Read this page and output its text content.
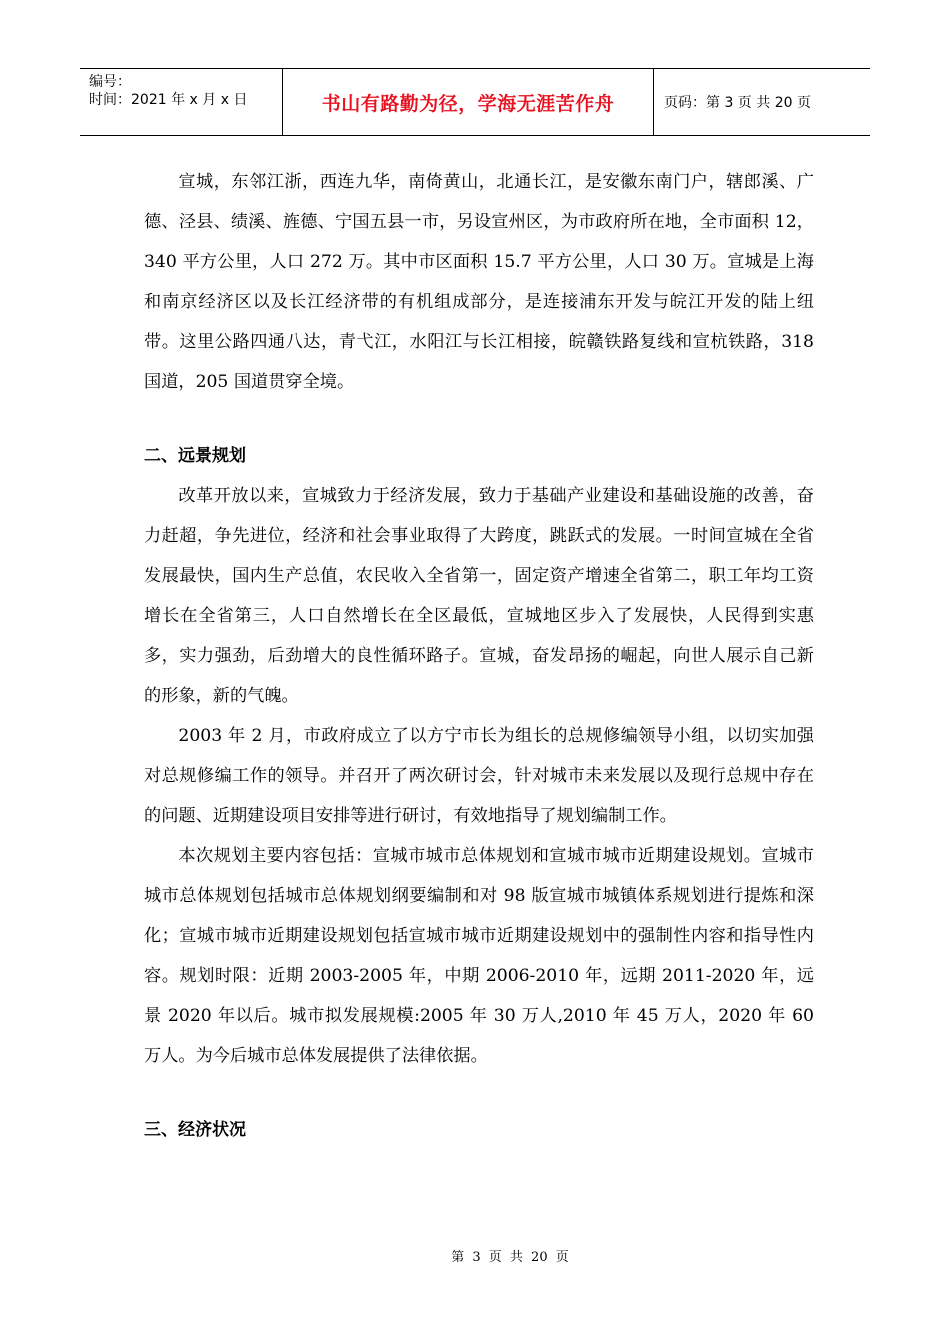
编号：
时间：2021 年 x 月 x 日	书山有路勤为径，学海无涯苦作舟	页码：第 3 页 共 20 页

宣城，东邻江浙，西连九华，南倚黄山，北通长江，是安徽东南门户，辖郎溪、广德、泾县、绩溪、旌德、宁国五县一市，另设宣州区，为市政府所在地，全市面积 12，340 平方公里，人口 272 万。其中市区面积 15.7 平方公里，人口 30 万。宣城是上海和南京经济区以及长江经济带的有机组成部分，是连接浦东开发与皖江开发的陆上纽带。这里公路四通八达，青弋江，水阳江与长江相接，皖赣铁路复线和宣杭铁路，318 国道，205 国道贯穿全境。

二、远景规划

改革开放以来，宣城致力于经济发展，致力于基础产业建设和基础设施的改善，奋力赶超，争先进位，经济和社会事业取得了大跨度，跳跃式的发展。一时间宣城在全省发展最快，国内生产总值，农民收入全省第一，固定资产增速全省第二，职工年均工资增长在全省第三，人口自然增长在全区最低，宣城地区步入了发展快，人民得到实惠多，实力强劲，后劲增大的良性循环路子。宣城，奋发昂扬的崛起，向世人展示自己新的形象，新的气魄。

2003 年 2 月，市政府成立了以方宁市长为组长的总规修编领导小组，以切实加强对总规修编工作的领导。并召开了两次研讨会，针对城市未来发展以及现行总规中存在的问题、近期建设项目安排等进行研讨，有效地指导了规划编制工作。

本次规划主要内容包括：宣城市城市总体规划和宣城市城市近期建设规划。宣城市城市总体规划包括城市总体规划纲要编制和对 98 版宣城市城镇体系规划进行提炼和深化；宣城市城市近期建设规划包括宣城市城市近期建设规划中的强制性内容和指导性内容。规划时限：近期 2003-2005 年，中期 2006-2010 年，远期 2011-2020 年，远景 2020 年以后。城市拟发展规模:2005 年 30 万人,2010 年 45 万人，2020 年 60 万人。为今后城市总体发展提供了法律依据。

三、经济状况

第 3 页 共 20 页
